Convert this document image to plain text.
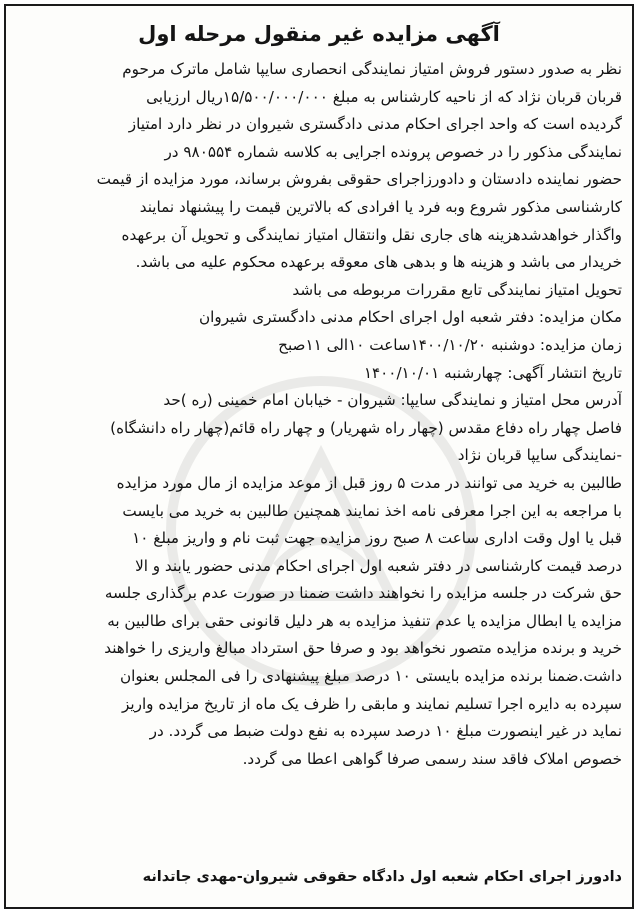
آگهی مزایده غیر منقول مرحله اول
نظر به صدور دستور فروش امتیاز نمایندگی انحصاری سایپا شامل ماترک مرحوم
قربان قربان نژاد که از ناحیه کارشناس به مبلغ ۱۵/۵۰۰/۰۰۰/۰۰۰ریال ارزیابی
گردیده است که واحد اجرای احکام مدنی دادگستری شیروان در نظر دارد امتیاز
نمایندگی مذکور را در خصوص پرونده اجرایی به کلاسه شماره ۹۸۰۵۵۴ در
حضور نماینده دادستان و دادورزاجرای حقوقی بفروش برساند، مورد مزایده از قیمت
کارشناسی مذکور شروع وبه فرد یا افرادی که بالاترین قیمت را پیشنهاد نمایند
واگذار خواهدشدهزینه های جاری نقل وانتقال امتیاز نمایندگی و تحویل آن برعهده
خریدار می باشد و هزینه ها و بدهی های معوقه برعهده محکوم علیه می باشد.
تحویل امتیاز نمایندگی تابع مقررات مربوطه می باشد
مکان مزایده: دفتر شعبه اول اجرای احکام مدنی دادگستری شیروان
زمان مزایده: دوشنبه ۱۴۰۰/۱۰/۲۰ساعت ۱۰الی ۱۱صبح
تاریخ انتشار آگهی: چهارشنبه ۱۴۰۰/۱۰/۰۱
آدرس محل امتیاز و نمایندگی سایپا: شیروان - خیابان امام خمینی (ره )حد
فاصل چهار راه دفاع مقدس (چهار راه شهریار) و چهار راه قائم(چهار راه دانشگاه)
-نمایندگی سایپا قربان نژاد
طالبین به خرید می توانند در مدت ۵ روز قبل از موعد مزایده از مال مورد مزایده
با مراجعه به این اجرا معرفی نامه اخذ نمایند همچنین طالبین به خرید می بایست
قبل یا اول وقت اداری ساعت ۸ صبح روز مزایده جهت ثبت نام و واریز مبلغ ۱۰
درصد قیمت کارشناسی در دفتر شعبه اول اجرای احکام مدنی حضور یابند و الا
حق شرکت در جلسه مزایده را نخواهند داشت ضمنا در صورت عدم برگذاری جلسه
مزایده یا ابطال مزایده یا عدم تنفیذ مزایده به هر دلیل قانونی حقی برای طالبین به
خرید و برنده مزایده متصور نخواهد بود و صرفا حق استرداد مبالغ واریزی را خواهند
داشت.ضمنا برنده مزایده بایستی ۱۰ درصد مبلغ پیشنهادی را فی المجلس بعنوان
سپرده به دایره اجرا تسلیم نمایند و مابقی را ظرف یک ماه از تاریخ مزایده واریز
نماید در غیر اینصورت مبلغ ۱۰ درصد سپرده به نفع دولت ضبط می گردد. در
خصوص املاک فاقد سند رسمی صرفا گواهی اعطا می گردد.
دادورز اجرای احکام شعبه اول دادگاه حقوقی شیروان-مهدی جاتدانه
